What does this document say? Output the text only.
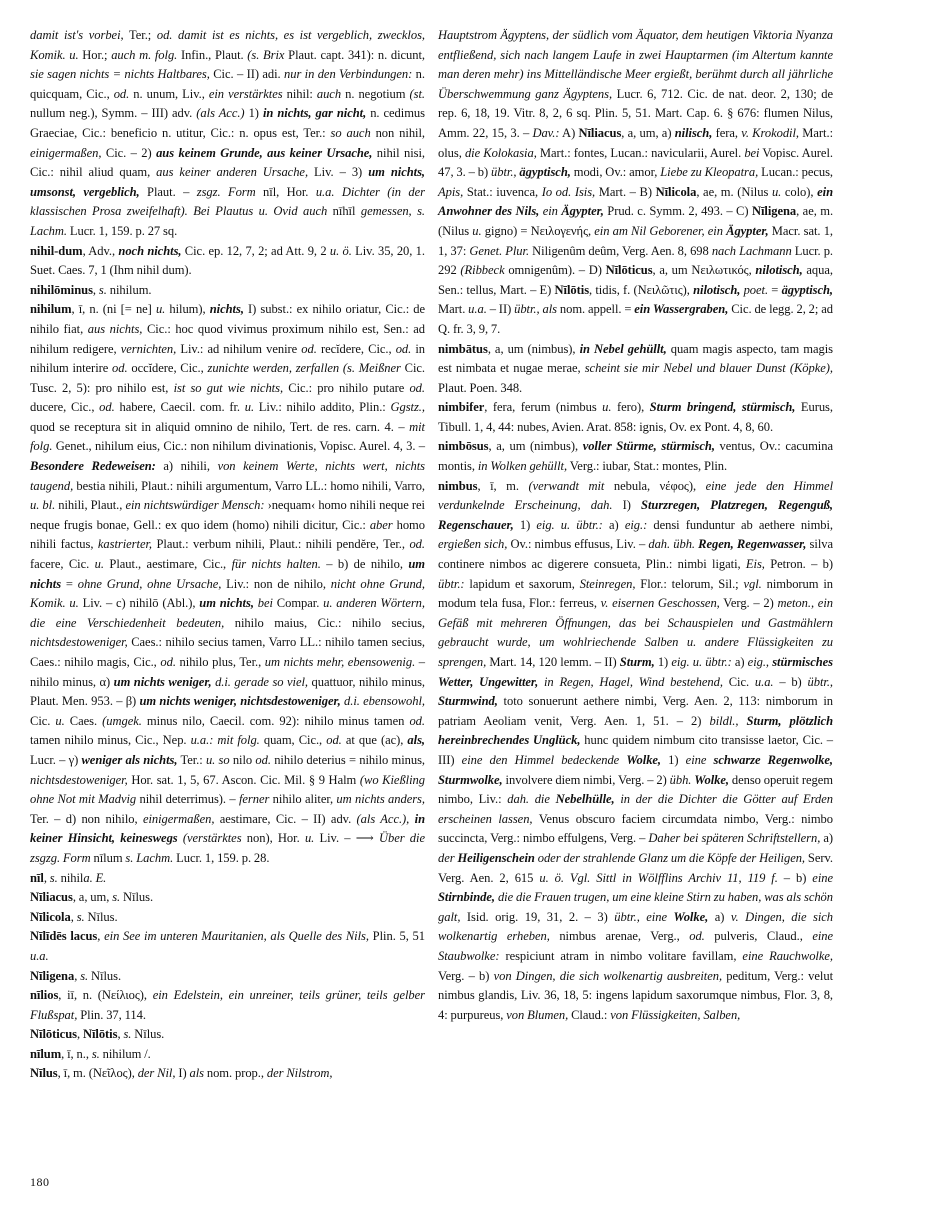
damit ist's vorbei, Ter.; od. damit ist es nichts, es ist vergeblich, zwecklos, Komik. u. Hor.; auch m. folg. Infin., Plaut. (s. Brix Plaut. capt. 341): n. dicunt, sie sagen nichts = nichts Haltbares, Cic. – II) adi. nur in den Verbindungen: n. quicquam, Cic., od. n. unum, Liv., ein verstärktes nihil: auch n. negotium (st. nullum neg.), Symm. – III) adv. (als Acc.) 1) in nichts, gar nicht, n. cedimus Graeciae, Cic.: beneficio n. utitur, Cic.: n. opus est, Ter.: so auch non nihil, einigermaßen, Cic. – 2) aus keinem Grunde, aus keiner Ursache, nihil nisi, Cic.: nihil aliud quam, aus keiner anderen Ursache, Liv. – 3) um nichts, umsonst, vergeblich, Plaut. – zsgz. Form nīl, Hor. u.a. Dichter (in der klassischen Prosa zweifelhaft). Bei Plautus u. Ovid auch nīhīl gemessen, s. Lachm. Lucr. 1, 159. p. 27 sq.

nihil-dum, Adv., noch nichts, Cic. ep. 12, 7, 2; ad Att. 9, 2 u. ö. Liv. 35, 20, 1. Suet. Caes. 7, 1 (Ihm nihil dum).

nihilōminus, s. nihilum.

nihilum, ī, n. (ni [= ne] u. hilum), nichts, I) subst.: ex nihilo oriatur, Cic.: de nihilo fiat, aus nichts, Cic.: hoc quod vivimus proximum nihilo est, Sen.: ad nihilum redigere, vernichten, Liv.: ad nihilum venire od. recĭdere, Cic., od. in nihilum interire od. occĭdere, Cic., zunichte werden, zerfallen (s. Meißner Cic. Tusc. 2, 5): pro nihilo est, ist so gut wie nichts, Cic.: pro nihilo putare od. ducere, Cic., od. habere, Caecil. com. fr. u. Liv.: nihilo addito, Plin.: Ggstz., quod se receptura sit in aliquid omnino de nihilo, Tert. de res. carn. 4. – mit folg. Genet., nihilum eius, Cic.: non nihilum divinationis, Vopisc. Aurel. 4, 3. – Besondere Redeweisen: a) nihili, von keinem Werte, nichts wert, nichts taugend, bestia nihili, Plaut.: nihili argumentum, Varro LL.: homo nihili, Varro, u. bl. nihili, Plaut., ein nichtswürdiger Mensch: ›nequam‹ homo nihili neque rei neque frugis bonae, Gell.: ex quo idem (homo) nihili dicitur, Cic.: aber homo nihili factus, kastrierter, Plaut.: verbum nihili, Plaut.: nihili pendĕre, Ter., od. facere, Cic. u. Plaut., aestimare, Cic., für nichts halten. – b) de nihilo, um nichts = ohne Grund, ohne Ursache, Liv.: non de nihilo, nicht ohne Grund, Komik. u. Liv. – c) nihilō (Abl.), um nichts, bei Compar. u. anderen Wörtern, die eine Verschiedenheit bedeuten, nihilo maius, Cic.: nihilo secius, nichtsdestoweniger, Caes.: nihilo secius tamen, Varro LL.: nihilo tamen secius, Caes.: nihilo magis, Cic., od. nihilo plus, Ter., um nichts mehr, ebensowenig. – nihilo minus, α) um nichts weniger, d.i. gerade so viel, quattuor, nihilo minus, Plaut. Men. 953. – β) um nichts weniger, nichtsdestoweniger, d.i. ebensowohl, Cic. u. Caes. (umgek. minus nilo, Caecil. com. 92): nihilo minus tamen od. tamen nihilo minus, Cic., Nep. u.a.: mit folg. quam, Cic., od. at que (ac), als, Lucr. – γ) weniger als nichts, Ter.: u. so nilo od. nihilo deterius = nihilo minus, nichtsdestoweniger, Hor. sat. 1, 5, 67. Ascon. Cic. Mil. § 9 Halm (wo Kießling ohne Not mit Madvig nihil deterrimus). – ferner nihilo aliter, um nichts anders, Ter. – d) non nihilo, einigermaßen, aestimare, Cic. – II) adv. (als Acc.), in keiner Hinsicht, keineswegs (verstärktes non), Hor. u. Liv. – ⟶ Über die zsgzg. Form nīlum s. Lachm. Lucr. 1, 159. p. 28.

nīl, s. nihila. E.

Nīliacus, a, um, s. Nīlus.

Nīlicola, s. Nīlus.

Nīlīdēs lacus, ein See im unteren Mauritanien, als Quelle des Nils, Plin. 5, 51 u.a.

Nīligena, s. Nīlus.

nīlios, iī, n. (Νείλιος), ein Edelstein, ein unreiner, teils grüner, teils gelber Flußspat, Plin. 37, 114.

Nīlōticus, Nīlōtis, s. Nīlus.

nīlum, ī, n., s. nihilum /.

Nīlus, ī, m. (Νεῖλος), der Nil, I) als nom. prop., der Nilstrom,

Hauptstrom Ägyptens, der südlich vom Äquator, dem heutigen Viktoria Nyanza entfließend, sich nach langem Laufe in zwei Hauptarmen (im Altertum kannte man deren mehr) ins Mittelländische Meer ergießt, berühmt durch all jährliche Überschwemmung ganz Ägyptens, Lucr. 6, 712. Cic. de nat. deor. 2, 130; de rep. 6, 18, 19. Vitr. 8, 2, 6 sq. Plin. 5, 51. Mart. Cap. 6. § 676: flumen Nilus, Amm. 22, 15, 3. – Dav.: A) Nīliacus, a, um, a) nilisch, fera, v. Krokodil, Mart.: olus, die Kolokasia, Mart.: fontes, Lucan.: navicularii, Aurel. bei Vopisc. Aurel. 47, 3. – b) übtr., ägyptisch, modi, Ov.: amor, Liebe zu Kleopatra, Lucan.: pecus, Apis, Stat.: iuvenca, Io od. Isis, Mart. – B) Nīlicola, ae, m. (Nilus u. colo), ein Anwohner des Nils, ein Ägypter, Prud. c. Symm. 2, 493. – C) Nīligena, ae, m. (Nilus u. gigno) = Νειλογενής, ein am Nil Geborener, ein Ägypter, Macr. sat. 1, 1, 37: Genet. Plur. Niligenûm deûm, Verg. Aen. 8, 698 nach Lachmann Lucr. p. 292 (Ribbeck omnigenûm). – D) Nīlōticus, a, um Νειλωτικός, nilotisch, aqua, Sen.: tellus, Mart. – E) Nīlōtis, tidis, f. (Νειλῶτις), nilotisch, poet. = ägyptisch, Mart. u.a. – II) übtr., als nom. appell. = ein Wassergraben, Cic. de legg. 2, 2; ad Q. fr. 3, 9, 7.

nimbātus, a, um (nimbus), in Nebel gehüllt, quam magis aspecto, tam magis est nimbata et nugae merae, scheint sie mir Nebel und blauer Dunst (Köpke), Plaut. Poen. 348.

nimbifer, fera, ferum (nimbus u. fero), Sturm bringend, stürmisch, Eurus, Tibull. 1, 4, 44: nubes, Avien. Arat. 858: ignis, Ov. ex Pont. 4, 8, 60.

nimbōsus, a, um (nimbus), voller Stürme, stürmisch, ventus, Ov.: cacumina montis, in Wolken gehüllt, Verg.: iubar, Stat.: montes, Plin.

nimbus, ī, m. (verwandt mit nebula, νέφος), eine jede den Himmel verdunkelnde Erscheinung, dah. I) Sturzregen, Platzregen, Regenguß, Regenschauer, 1) eig. u. übtr.: a) eig.: densi funduntur ab aethere nimbi, ergießen sich, Ov.: nimbus effusus, Liv. – dah. übh. Regen, Regenwasser, silva continere nimbos ac digerere consueta, Plin.: nimbi ligati, Eis, Petron. – b) übtr.: lapidum et saxorum, Steinregen, Flor.: telorum, Sil.; vgl. nimborum in modum tela fusa, Flor.: ferreus, v. eisernen Geschossen, Verg. – 2) meton., ein Gefäß mit mehreren Öffnungen, das bei Schauspielen und Gastmählern gebraucht wurde, um wohlriechende Salben u. andere Flüssigkeiten zu sprengen, Mart. 14, 120 lemm. – II) Sturm, 1) eig. u. übtr.: a) eig., stürmisches Wetter, Ungewitter, in Regen, Hagel, Wind bestehend, Cic. u.a. – b) übtr., Sturmwind, toto sonuerunt aethere nimbi, Verg. Aen. 2, 113: nimborum in patriam Aeoliam venit, Verg. Aen. 1, 51. – 2) bildl., Sturm, plötzlich hereinbrechendes Unglück, hunc quidem nimbum cito transisse laetor, Cic. – III) eine den Himmel bedeckende Wolke, 1) eine schwarze Regenwolke, Sturmwolke, involvere diem nimbi, Verg. – 2) übh. Wolke, denso operuit regem nimbo, Liv.: dah. die Nebelhülle, in der die Dichter die Götter auf Erden erscheinen lassen, Venus obscuro faciem circumdata nimbo, Verg.: nimbo succincta, Verg.: nimbo effulgens, Verg. – Daher bei späteren Schriftstellern, a) der Heiligenschein oder der strahlende Glanz um die Köpfe der Heiligen, Serv. Verg. Aen. 2, 615 u. ö. Vgl. Sittl in Wölfflins Archiv 11, 119 f. – b) eine Stirnbinde, die die Frauen trugen, um eine kleine Stirn zu haben, was als schön galt, Isid. orig. 19, 31, 2. – 3) übtr., eine Wolke, a) v. Dingen, die sich wolkenartig erheben, nimbus arenae, Verg., od. pulveris, Claud., eine Staubwolke: respiciunt atram in nimbo volitare favillam, eine Rauchwolke, Verg. – b) von Dingen, die sich wolkenartig ausbreiten, peditum, Verg.: velut nimbus glandis, Liv. 36, 18, 5: ingens lapidum saxorumque nimbus, Flor. 3, 8, 4: purpureus, von Blumen, Claud.: von Flüssigkeiten, Salben,

180
